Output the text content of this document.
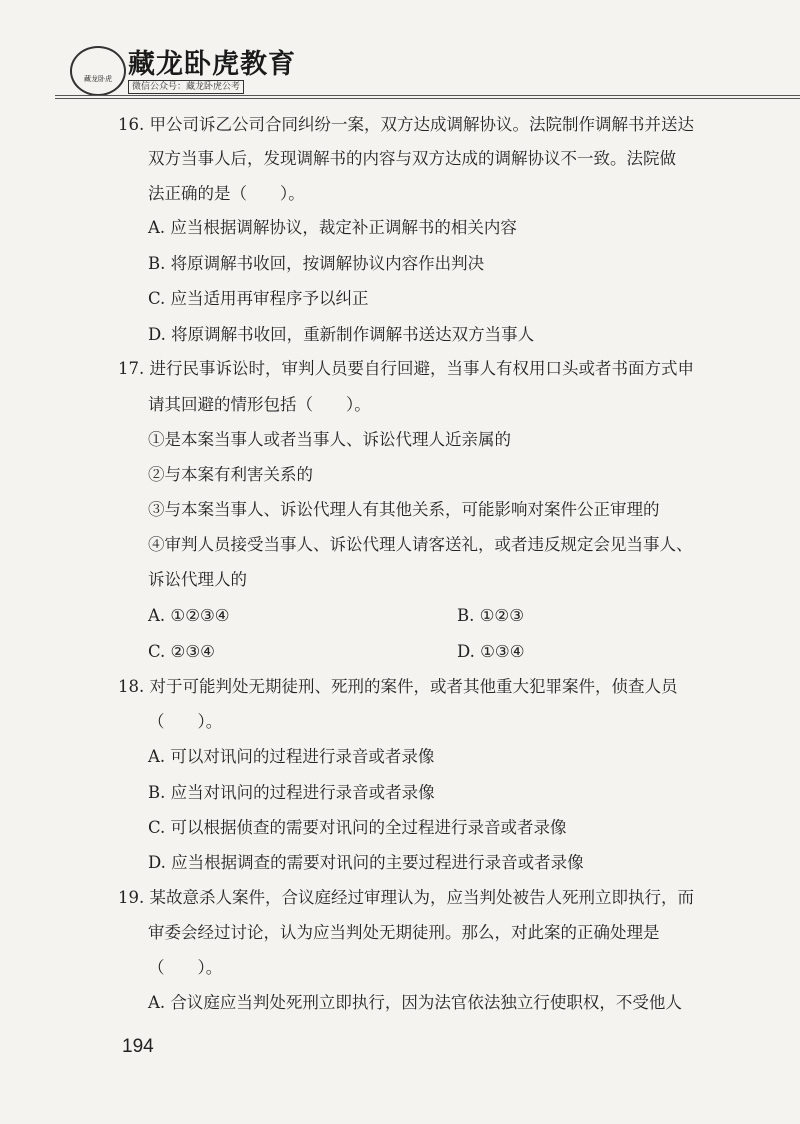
藏龙卧虎 藏龙卧虎教育
微信公众号：藏龙卧虎公考
16. 甲公司诉乙公司合同纠纷一案，双方达成调解协议。法院制作调解书并送达
双方当事人后，发现调解书的内容与双方达成的调解协议不一致。法院做
法正确的是（　　）。
A. 应当根据调解协议，裁定补正调解书的相关内容
B. 将原调解书收回，按调解协议内容作出判决
C. 应当适用再审程序予以纠正
D. 将原调解书收回，重新制作调解书送达双方当事人
17. 进行民事诉讼时，审判人员要自行回避，当事人有权用口头或者书面方式申
请其回避的情形包括（　　）。
①是本案当事人或者当事人、诉讼代理人近亲属的
②与本案有利害关系的
③与本案当事人、诉讼代理人有其他关系，可能影响对案件公正审理的
④审判人员接受当事人、诉讼代理人请客送礼，或者违反规定会见当事人、
诉讼代理人的
A. ①②③④	B. ①②③
C. ②③④	D. ①③④
18. 对于可能判处无期徒刑、死刑的案件，或者其他重大犯罪案件，侦查人员
（　　）。
A. 可以对讯问的过程进行录音或者录像
B. 应当对讯问的过程进行录音或者录像
C. 可以根据侦查的需要对讯问的全过程进行录音或者录像
D. 应当根据调查的需要对讯问的主要过程进行录音或者录像
19. 某故意杀人案件，合议庭经过审理认为，应当判处被告人死刑立即执行，而
审委会经过讨论，认为应当判处无期徒刑。那么，对此案的正确处理是
（　　）。
A. 合议庭应当判处死刑立即执行，因为法官依法独立行使职权，不受他人
194
